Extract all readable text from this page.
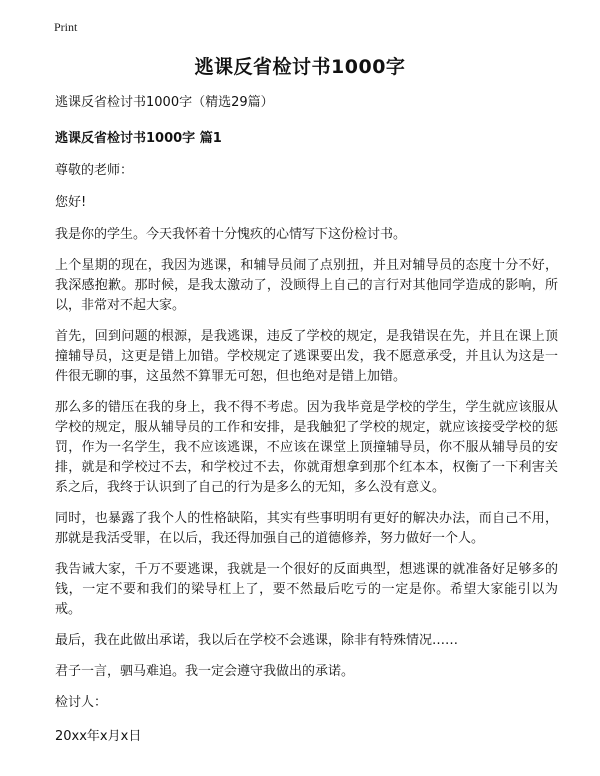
Print
逃课反省检讨书1000字
逃课反省检讨书1000字（精选29篇）
逃课反省检讨书1000字 篇1

尊敬的老师：

您好!

我是你的学生。今天我怀着十分愧疚的心情写下这份检讨书。

上个星期的现在，我因为逃课，和辅导员闹了点别扭，并且对辅导员的态度十分不好，我深感抱歉。那时候，是我太激动了，没顾得上自己的言行对其他同学造成的影响，所以，非常对不起大家。

首先，回到问题的根源，是我逃课，违反了学校的规定，是我错误在先，并且在课上顶撞辅导员，这更是错上加错。学校规定了逃课要出发，我不愿意承受，并且认为这是一件很无聊的事，这虽然不算罪无可恕，但也绝对是错上加错。

那么多的错压在我的身上，我不得不考虑。因为我毕竟是学校的学生，学生就应该服从学校的规定，服从辅导员的工作和安排，是我触犯了学校的规定，就应该接受学校的惩罚，作为一名学生，我不应该逃课，不应该在课堂上顶撞辅导员，你不服从辅导员的安排，就是和学校过不去，和学校过不去，你就甭想拿到那个红本本，权衡了一下利害关系之后，我终于认识到了自己的行为是多么的无知，多么没有意义。

同时，也暴露了我个人的性格缺陷，其实有些事明明有更好的解决办法，而自己不用，那就是我活受罪，在以后，我还得加强自己的道德修养，努力做好一个人。

我告诫大家，千万不要逃课，我就是一个很好的反面典型，想逃课的就准备好足够多的钱，一定不要和我们的梁导杠上了，要不然最后吃亏的一定是你。希望大家能引以为戒。

最后，我在此做出承诺，我以后在学校不会逃课，除非有特殊情况……

君子一言，驷马难追。我一定会遵守我做出的承诺。

检讨人：

20xx年x月x日
